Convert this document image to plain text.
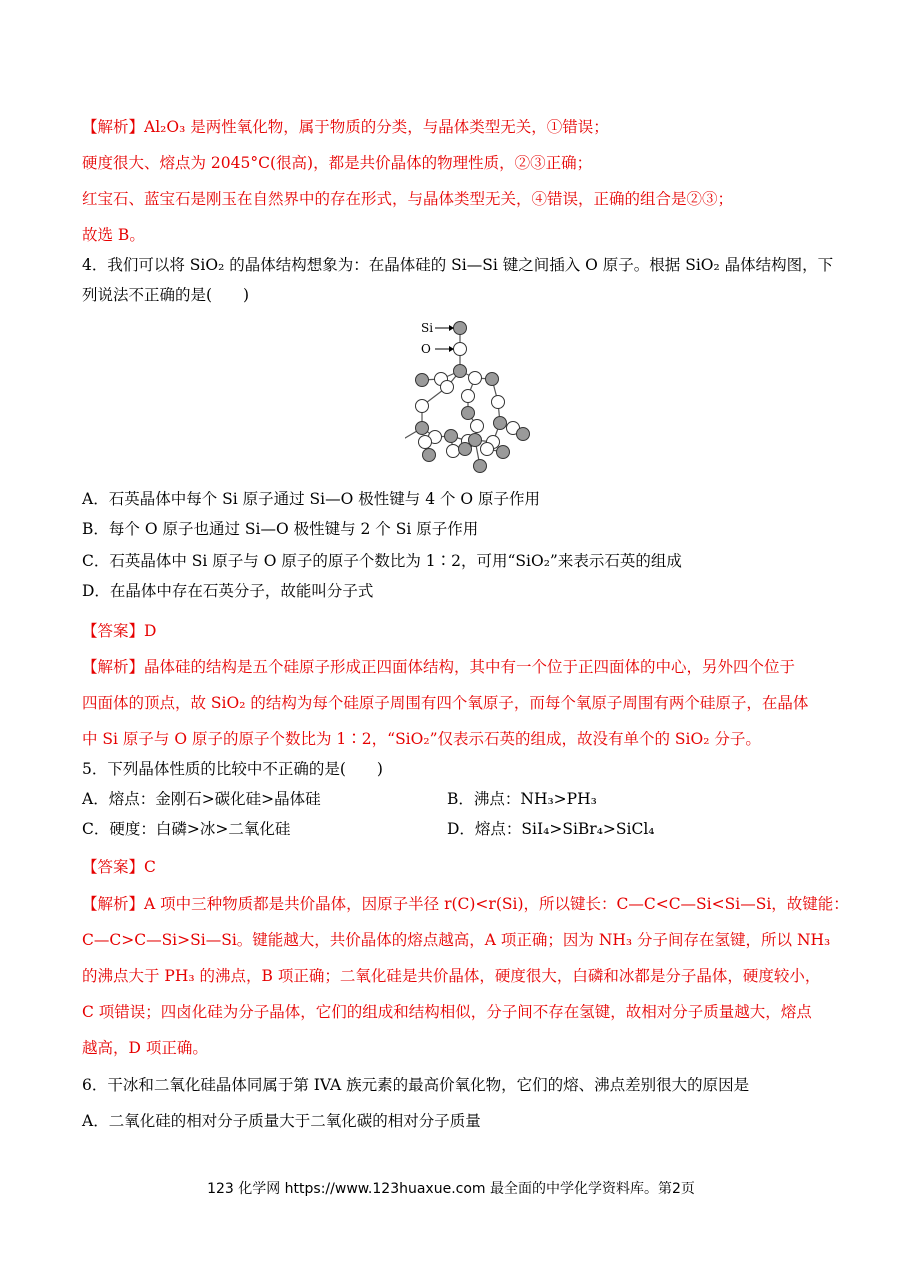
【解析】Al₂O₃ 是两性氧化物，属于物质的分类，与晶体类型无关，①错误；
硬度很大、熔点为 2045°C(很高)，都是共价晶体的物理性质，②③正确；
红宝石、蓝宝石是刚玉在自然界中的存在形式，与晶体类型无关，④错误，正确的组合是②③；
故选 B。
4．我们可以将 SiO₂ 的晶体结构想象为：在晶体硅的 Si—Si 键之间插入 O 原子。根据 SiO₂ 晶体结构图，下
列说法不正确的是(　　)
Si
O
A．石英晶体中每个 Si 原子通过 Si—O 极性键与 4 个 O 原子作用
B．每个 O 原子也通过 Si—O 极性键与 2 个 Si 原子作用
C．石英晶体中 Si 原子与 O 原子的原子个数比为 1∶2，可用“SiO₂”来表示石英的组成
D．在晶体中存在石英分子，故能叫分子式
【答案】D
【解析】晶体硅的结构是五个硅原子形成正四面体结构，其中有一个位于正四面体的中心，另外四个位于
四面体的顶点，故 SiO₂ 的结构为每个硅原子周围有四个氧原子，而每个氧原子周围有两个硅原子，在晶体
中 Si 原子与 O 原子的原子个数比为 1∶2，“SiO₂”仅表示石英的组成，故没有单个的 SiO₂ 分子。
5．下列晶体性质的比较中不正确的是(　　)
A．熔点：金刚石>碳化硅>晶体硅	B．沸点：NH₃>PH₃
C．硬度：白磷>冰>二氧化硅	D．熔点：SiI₄>SiBr₄>SiCl₄
【答案】C
【解析】A 项中三种物质都是共价晶体，因原子半径 r(C)<r(Si)，所以键长：C—C<C—Si<Si—Si，故键能：
C—C>C—Si>Si—Si。键能越大，共价晶体的熔点越高，A 项正确；因为 NH₃ 分子间存在氢键，所以 NH₃
的沸点大于 PH₃ 的沸点，B 项正确；二氧化硅是共价晶体，硬度很大，白磷和冰都是分子晶体，硬度较小，
C 项错误；四卤化硅为分子晶体，它们的组成和结构相似，分子间不存在氢键，故相对分子质量越大，熔点
越高，D 项正确。
6．干冰和二氧化硅晶体同属于第 IVA 族元素的最高价氧化物，它们的熔、沸点差别很大的原因是
A．二氧化硅的相对分子质量大于二氧化碳的相对分子质量
123 化学网 https://www.123huaxue.com 最全面的中学化学资料库。第2页
